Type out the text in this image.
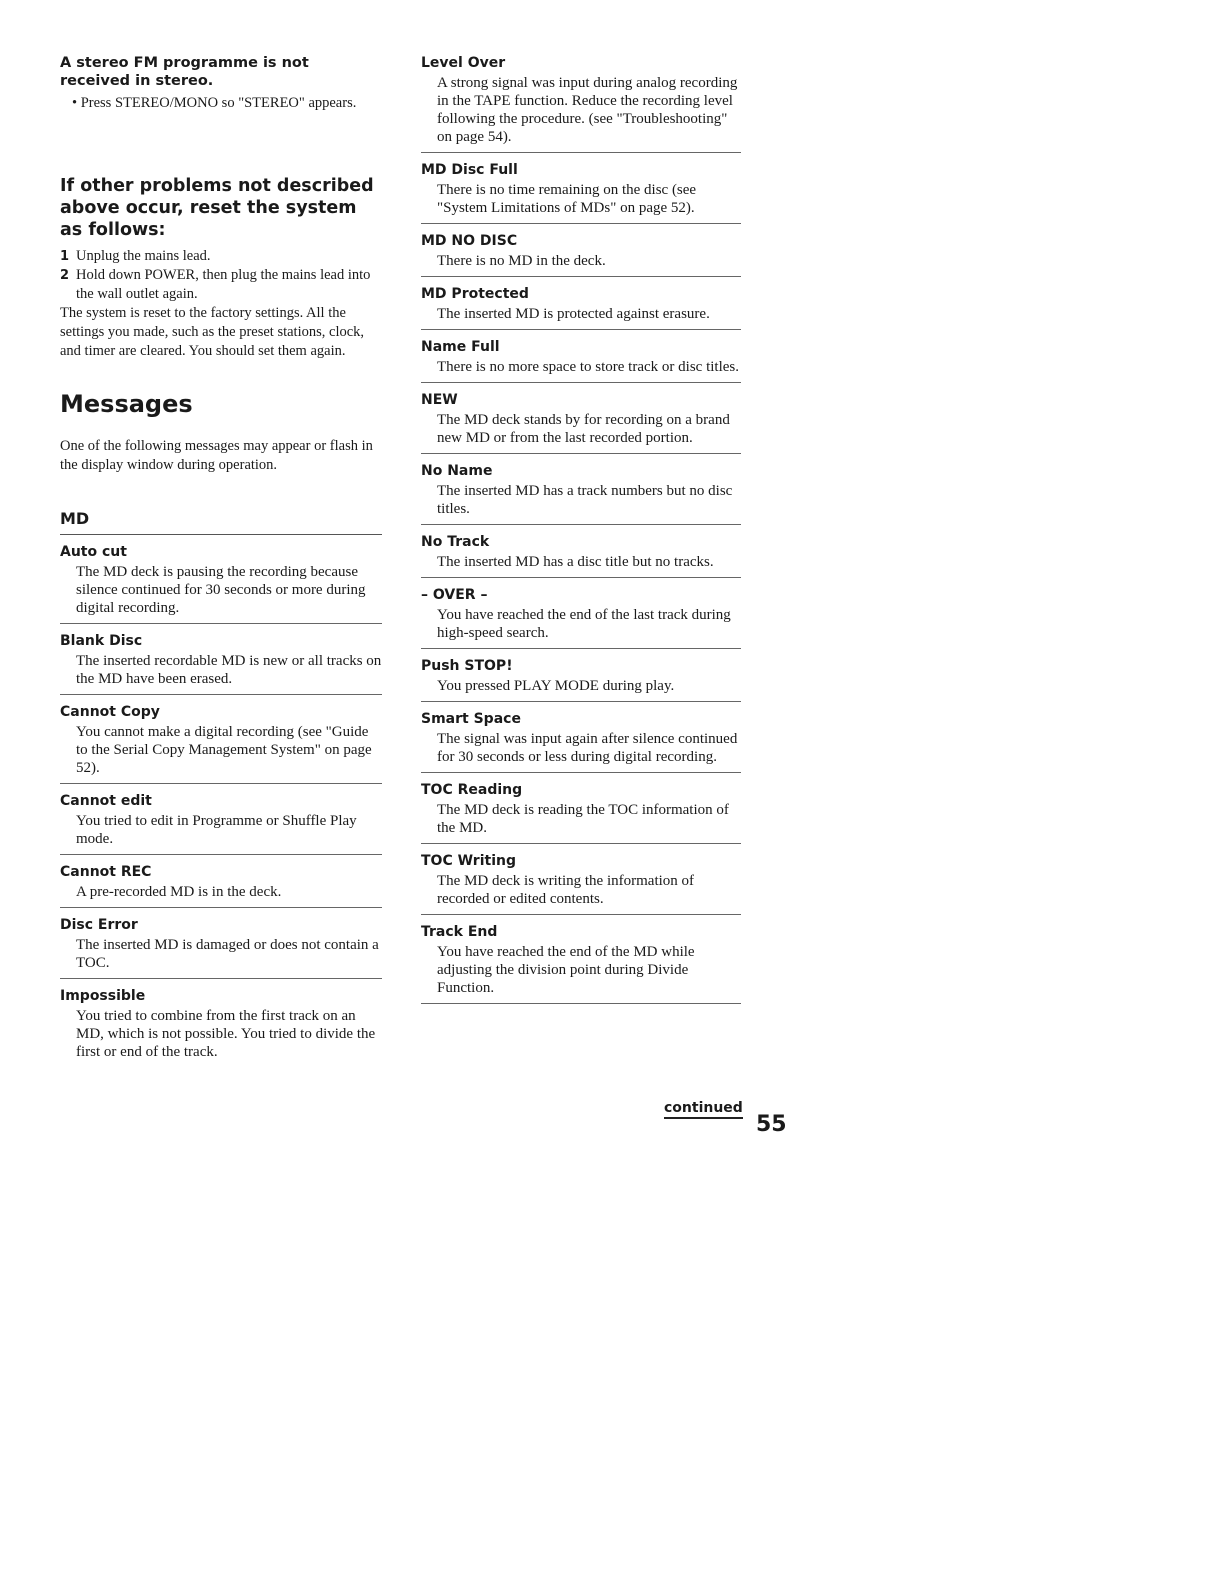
A stereo FM programme is not received in stereo.

• Press STEREO/MONO so "STEREO" appears.

If other problems not described above occur, reset the system as follows:
1 Unplug the mains lead.
2 Hold down POWER, then plug the mains lead into the wall outlet again.

The system is reset to the factory settings. All the settings you made, such as the preset stations, clock, and timer are cleared. You should set them again.

Messages

One of the following messages may appear or flash in the display window during operation.

MD

Auto cut

The MD deck is pausing the recording because silence continued for 30 seconds or more during digital recording.

Blank Disc

The inserted recordable MD is new or all tracks on the MD have been erased.

Cannot Copy

You cannot make a digital recording (see "Guide to the Serial Copy Management System" on page 52).

Cannot edit

You tried to edit in Programme or Shuffle Play mode.

Cannot REC

A pre-recorded MD is in the deck.

Disc Error

The inserted MD is damaged or does not contain a TOC.

Impossible

You tried to combine from the first track on an MD, which is not possible. You tried to divide the first or end of the track.

Level Over

A strong signal was input during analog recording in the TAPE function. Reduce the recording level following the procedure. (see "Troubleshooting" on page 54).

MD Disc Full

There is no time remaining on the disc (see "System Limitations of MDs" on page 52).

MD NO DISC

There is no MD in the deck.

MD Protected

The inserted MD is protected against erasure.

Name Full

There is no more space to store track or disc titles.

NEW

The MD deck stands by for recording on a brand new MD or from the last recorded portion.

No Name

The inserted MD has a track numbers but no disc titles.

No Track

The inserted MD has a disc title but no tracks.

– OVER –

You have reached the end of the last track during high-speed search.

Push STOP!

You pressed PLAY MODE during play.

Smart Space

The signal was input again after silence continued for 30 seconds or less during digital recording.

TOC Reading

The MD deck is reading the TOC information of the MD.

TOC Writing

The MD deck is writing the information of recorded or edited contents.

Track End

You have reached the end of the MD while adjusting the division point during Divide Function.

continued
55
